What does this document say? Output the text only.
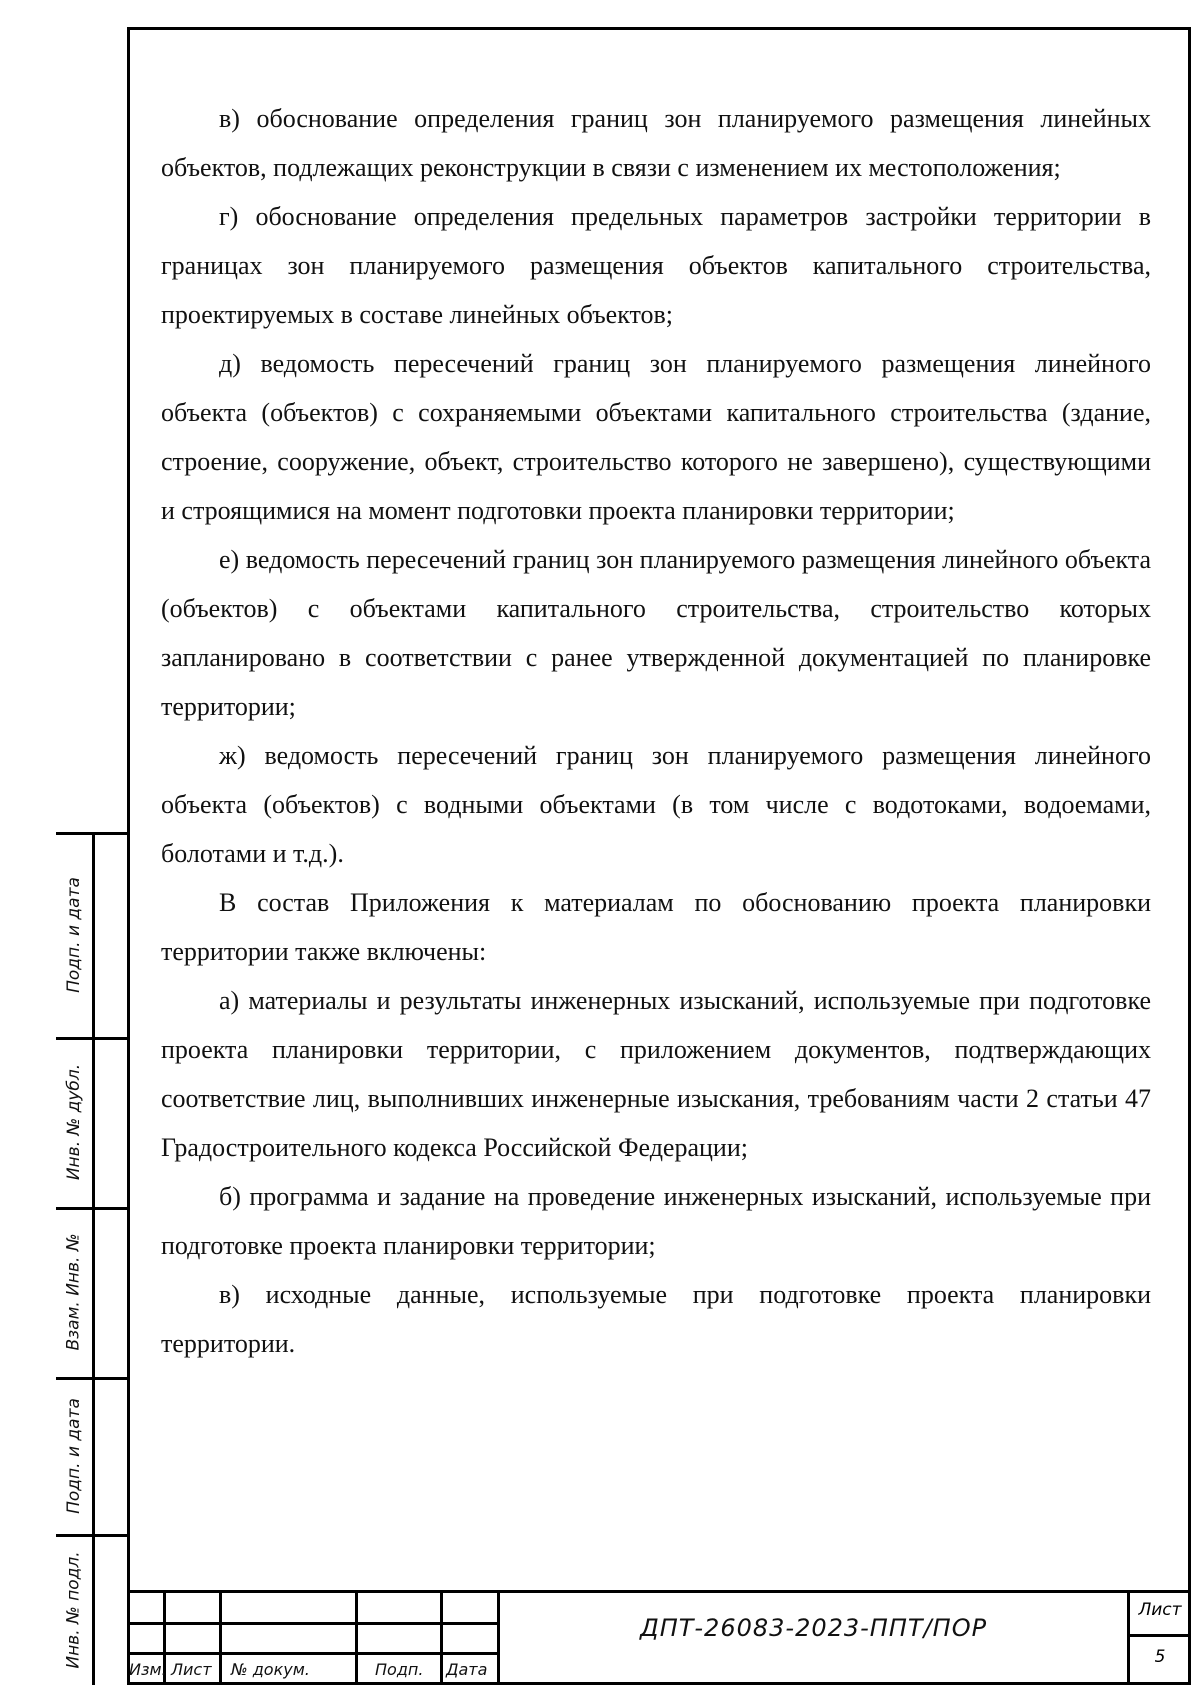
в) обоснование определения границ зон планируемого размещения линейных объектов, подлежащих реконструкции в связи с изменением их местоположения;

г) обоснование определения предельных параметров застройки территории в границах зон планируемого размещения объектов капитального строительства, проектируемых в составе линейных объектов;

д) ведомость пересечений границ зон планируемого размещения линейного объекта (объектов) с сохраняемыми объектами капитального строительства (здание, строение, сооружение, объект, строительство которого не завершено), существующими и строящимися на момент подготовки проекта планировки территории;

е) ведомость пересечений границ зон планируемого размещения линейного объекта (объектов) с объектами капитального строительства, строительство которых запланировано в соответствии с ранее утвержденной документацией по планировке территории;

ж) ведомость пересечений границ зон планируемого размещения линейного объекта (объектов) с водными объектами (в том числе с водотоками, водоемами, болотами и т.д.).

В состав Приложения к материалам по обоснованию проекта планировки территории также включены:

а) материалы и результаты инженерных изысканий, используемые при подготовке проекта планировки территории, с приложением документов, подтверждающих соответствие лиц, выполнивших инженерные изыскания, требованиям части 2 статьи 47 Градостроительного кодекса Российской Федерации;

б) программа и задание на проведение инженерных изысканий, используемые при подготовке проекта планировки территории;

в) исходные данные, используемые при подготовке проекта планировки территории.

Подп. и дата
Инв. № дубл.
Взам. Инв. №
Подп. и дата
Инв. № подл.
Изм. Лист № докум.	Подп. Дата
ДПТ-26083-2023-ППТ/ПОР
Лист
5
